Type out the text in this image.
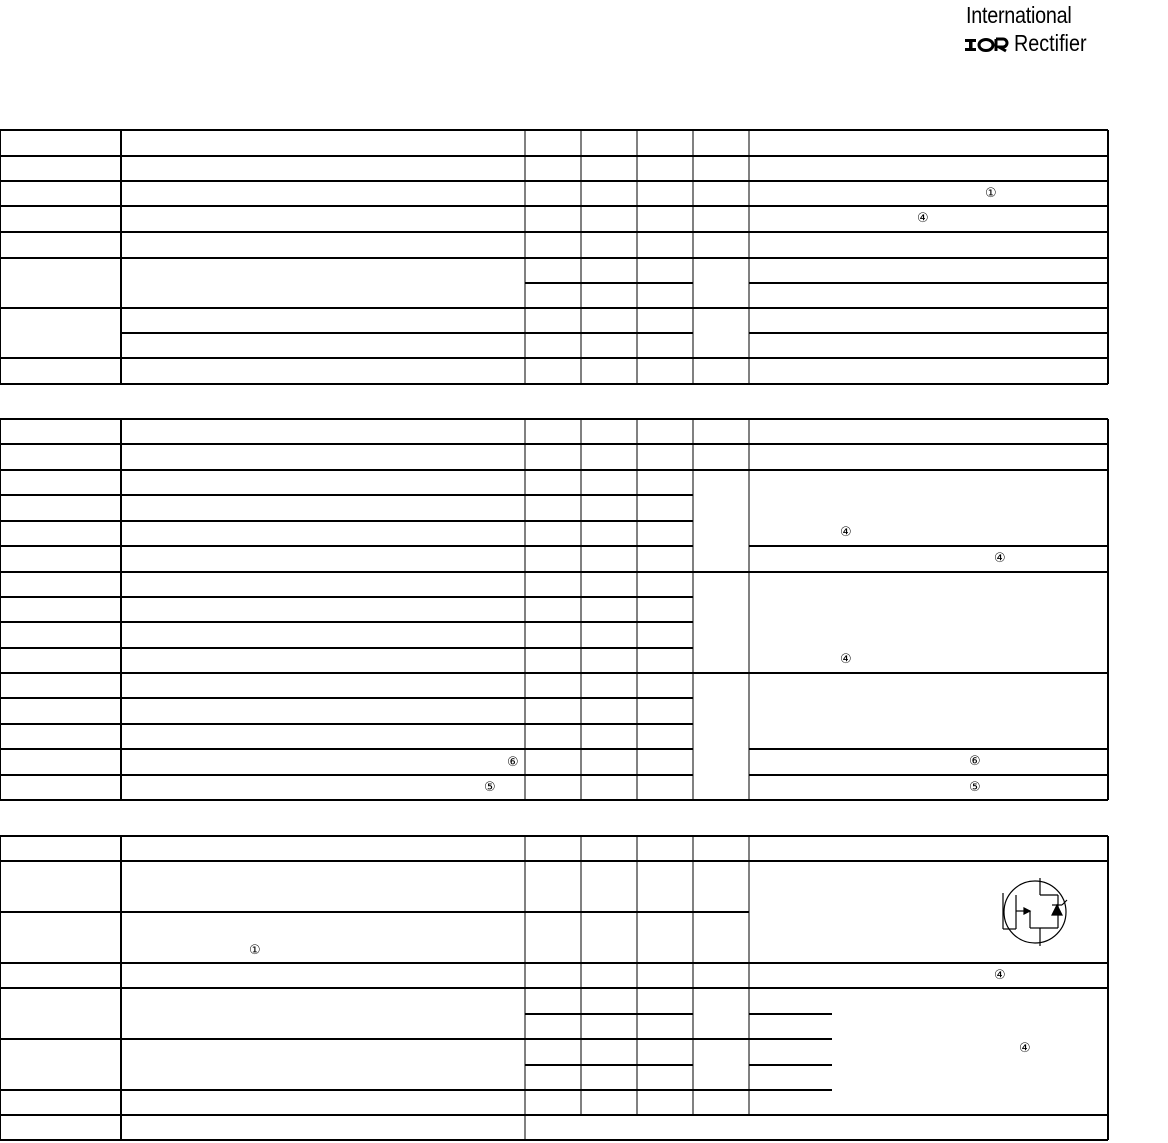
International
Rectifier
①
④
④
④
④
⑥	⑥
⑤	⑤
①
④
④
